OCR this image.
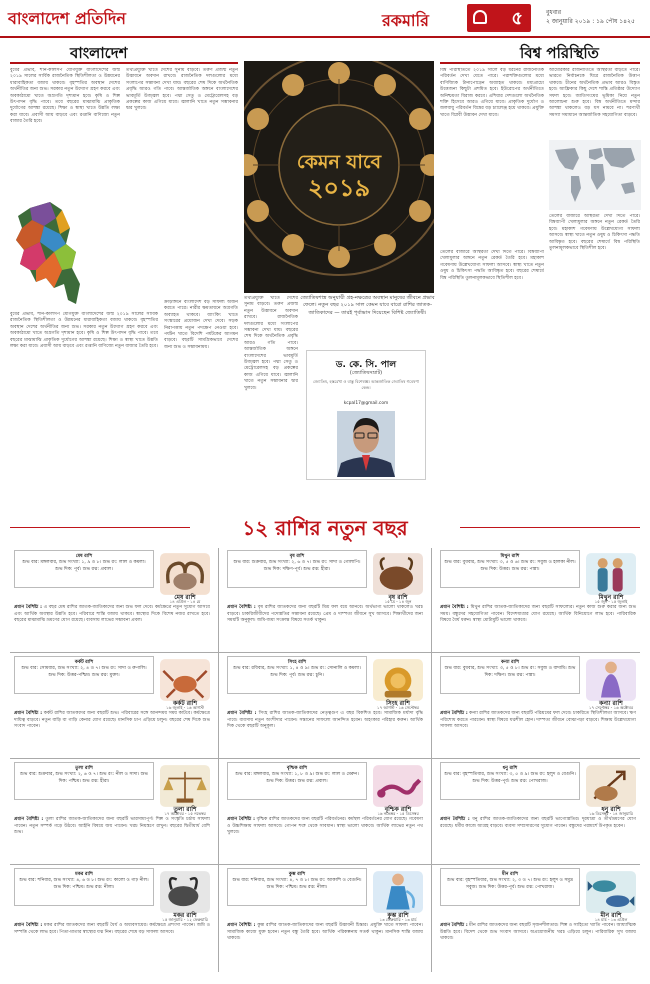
বাংলাদেশ প্রতিদিন	রকমারি	৫	বুধবার
২ জানুয়ারি ২০১৯ : ১৯ পৌষ ১৪২৫
বাংলাদেশ
বুধের প্রভাব, শনি-কালসর্প যোগযুক্ত বাংলাদেশের জন্ম ২০১৯ সালের সার্বিক রাজনৈতিক স্থিতিশীলতা ও উন্নয়নের ধারাবাহিকতা বজায় থাকবে। বৃহস্পতির অবস্থান দেশের অর্থনীতির জন্য শুভ। সরকার নতুন উদ্যোগ গ্রহণ করবে এবং অবকাঠামো খাতে অগ্রগতি দৃশ্যমান হবে। কৃষি ও শিল্প উৎপাদন বৃদ্ধি পাবে। তবে বছরের মাঝামাঝি প্রাকৃতিক দুর্যোগের আশঙ্কা রয়েছে। শিক্ষা ও স্বাস্থ্য খাতে উন্নতি লক্ষ্য করা যাবে। প্রবাসী আয় বাড়বে এবং রপ্তানি বাণিজ্যে নতুন বাজার তৈরি হবে।
তথ্যপ্রযুক্তি খাতে দেশের সুনাম বাড়বে। তরুণ প্রজন্ম নতুন উদ্ভাবনে অবদান রাখবে। রাজনৈতিক দলগুলোর মধ্যে সংলাপের সম্ভাবনা দেখা যায়। বছরের শেষ দিকে অর্থনৈতিক প্রবৃদ্ধি আরও গতি পাবে। আন্তর্জাতিক অঙ্গনে বাংলাদেশের ভাবমূর্তি উজ্জ্বল হবে। পদ্মা সেতু ও মেট্রোরেলসহ বড় প্রকল্পের কাজ এগিয়ে যাবে। জ্বালানি খাতে নতুন সম্ভাবনার দ্বার খুলবে।
ক্রীড়াঙ্গনে বাংলাদেশ বড় সাফল্য অর্জন করতে পারে। নারীর ক্ষমতায়নে অগ্রগতি অব্যাহত থাকবে। ব্যাংকিং খাতে সংস্কারের প্রয়োজন দেখা দেবে। সড়ক নিরাপত্তায় নতুন পদক্ষেপ নেওয়া হবে। পর্যটন খাতে বিদেশি পর্যটকের আগমন বাড়বে। বছরটি সামগ্রিকভাবে দেশের জন্য শুভ ও সম্ভাবনাময়।
বুধের প্রভাব, শনি-কালসর্প যোগযুক্ত বাংলাদেশের জন্ম ২০১৯ সালের সার্বিক রাজনৈতিক স্থিতিশীলতা ও উন্নয়নের ধারাবাহিকতা বজায় থাকবে। বৃহস্পতির অবস্থান দেশের অর্থনীতির জন্য শুভ। সরকার নতুন উদ্যোগ গ্রহণ করবে এবং অবকাঠামো খাতে অগ্রগতি দৃশ্যমান হবে। কৃষি ও শিল্প উৎপাদন বৃদ্ধি পাবে। তবে বছরের মাঝামাঝি প্রাকৃতিক দুর্যোগের আশঙ্কা রয়েছে। শিক্ষা ও স্বাস্থ্য খাতে উন্নতি লক্ষ্য করা যাবে। প্রবাসী আয় বাড়বে এবং রপ্তানি বাণিজ্যে নতুন বাজার তৈরি হবে।
কেমন যাবে
২০১৯
জ্যোতিষশাস্ত্র অনুযায়ী গ্রহ-নক্ষত্রের অবস্থান মানুষের জীবনে প্রভাব ফেলে। নতুন বছর ২০১৯ সাল কেমন যাবে বারো রাশির জাতক-জাতিকাদের — তারই পূর্বাভাস দিয়েছেন বিশিষ্ট জ্যোতিষী।
তথ্যপ্রযুক্তি খাতে দেশের সুনাম বাড়বে। তরুণ প্রজন্ম নতুন উদ্ভাবনে অবদান রাখবে। রাজনৈতিক দলগুলোর মধ্যে সংলাপের সম্ভাবনা দেখা যায়। বছরের শেষ দিকে অর্থনৈতিক প্রবৃদ্ধি আরও গতি পাবে। আন্তর্জাতিক অঙ্গনে বাংলাদেশের ভাবমূর্তি উজ্জ্বল হবে। পদ্মা সেতু ও মেট্রোরেলসহ বড় প্রকল্পের কাজ এগিয়ে যাবে। জ্বালানি খাতে নতুন সম্ভাবনার দ্বার খুলবে।
ড. কে. সি. পাল
(জ্যোতিষসম্রাট)
জ্যোতিষ, হস্তরেখা ও বাস্তু বিশেষজ্ঞ। আন্তর্জাতিক জ্যোতিষ গবেষণা কেন্দ্র।
kcpal17@gmail.com
বিশ্ব পরিস্থিতি
বিশ্ব পরিস্থিতিতে ২০১৯ সালে বড় ধরনের রাজনৈতিক পরিবর্তন দেখা যেতে পারে। পরাশক্তিগুলোর মধ্যে বাণিজ্যিক টানাপোড়েন অব্যাহত থাকবে। মধ্যপ্রাচ্যে উত্তেজনা কিছুটা প্রশমিত হবে। ইউরোপের অর্থনীতিতে অনিশ্চয়তা বিরাজ করবে। এশিয়ার দেশগুলো অর্থনৈতিক শক্তি হিসেবে আরও এগিয়ে যাবে। প্রাকৃতিক দুর্যোগ ও জলবায়ু পরিবর্তন বিশ্বের বড় চ্যালেঞ্জ হয়ে থাকবে। প্রযুক্তি খাতে বিপ্লবী উদ্ভাবন দেখা যাবে।
আমেরিকার রাজনীতিতে অস্থিরতা বাড়তে পারে। ভারতে নির্বাচনকে ঘিরে রাজনৈতিক উত্তাপ থাকবে। চীনের অর্থনৈতিক প্রভাব আরও বিস্তৃত হবে। আফ্রিকার কিছু দেশে শান্তি প্রতিষ্ঠার উদ্যোগ সফল হবে। জাতিসংঘের ভূমিকা নিয়ে নতুন আলোচনা শুরু হবে। বিশ্ব অর্থনীতিতে মন্দার আশঙ্কা থাকলেও বড় ধস নামবে না। শরণার্থী সমস্যা সমাধানে আন্তর্জাতিক সহযোগিতা বাড়বে।
তেলের বাজারে অস্থিরতা দেখা দিতে পারে। বিশ্বব্যাপী খেলাধুলার অঙ্গনে নতুন রেকর্ড তৈরি হবে। মহাকাশ গবেষণায় উল্লেখযোগ্য সাফল্য আসবে। স্বাস্থ্য খাতে নতুন ওষুধ ও চিকিৎসা পদ্ধতি আবিষ্কৃত হবে। বছরের শেষার্ধে বিশ্ব পরিস্থিতি তুলনামূলকভাবে স্থিতিশীল হবে।
তেলের বাজারে অস্থিরতা দেখা দিতে পারে। বিশ্বব্যাপী খেলাধুলার অঙ্গনে নতুন রেকর্ড তৈরি হবে। মহাকাশ গবেষণায় উল্লেখযোগ্য সাফল্য আসবে। স্বাস্থ্য খাতে নতুন ওষুধ ও চিকিৎসা পদ্ধতি আবিষ্কৃত হবে। বছরের শেষার্ধে বিশ্ব পরিস্থিতি তুলনামূলকভাবে স্থিতিশীল হবে।
১২ রাশির নতুন বছর
মেষ রাশি
শুভ বার: মঙ্গলবার, শুভ সংখ্যা: ১, ৯ ও ৮। শুভ রং: লাল ও কমলা। শুভ দিক: পূর্ব। শুভ রত্ন: প্রবাল।
মেষ রাশি
১৪ এপ্রিল - ১৪ মে
প্রধান বৈশিষ্ট্য : এ বছর মেষ রাশির জাতক-জাতিকাদের জন্য শুভ ফল দেবে। কর্মক্ষেত্রে নতুন সুযোগ আসবে এবং আর্থিক অবস্থার উন্নতি হবে। পরিবারে শান্তি বজায় থাকবে। স্বাস্থ্যের দিকে বিশেষ নজর রাখতে হবে। বছরের মাঝামাঝি ভ্রমণের যোগ রয়েছে। ব্যবসায় লাভের সম্ভাবনা প্রবল।
বৃষ রাশি
শুভ বার: শুক্রবার, শুভ সংখ্যা: ২, ৬ ও ৭। শুভ রং: সাদা ও গোলাপি। শুভ দিক: দক্ষিণ-পূর্ব। শুভ রত্ন: হীরা।
বৃষ রাশি
১৫ মে - ১৪ জুন
প্রধান বৈশিষ্ট্য : বৃষ রাশির জাতকদের জন্য বছরটি মিশ্র ফল বয়ে আনবে। অর্থভাগ্য ভালো থাকলেও খরচ বাড়বে। চাকরিজীবীদের পদোন্নতির সম্ভাবনা রয়েছে। প্রেম ও দাম্পত্য জীবনে সুখ আসবে। শিক্ষার্থীদের জন্য সময়টি অনুকূল। জমি-জমা সংক্রান্ত বিষয়ে সতর্ক থাকুন।
মিথুন রাশি
শুভ বার: বুধবার, শুভ সংখ্যা: ৩, ৫ ও ৬। শুভ রং: সবুজ ও হালকা নীল। শুভ দিক: উত্তর। শুভ রত্ন: পান্না।
মিথুন রাশি
১৫ জুন - ১৫ জুলাই
প্রধান বৈশিষ্ট্য : মিথুন রাশির জাতক-জাতিকাদের জন্য বছরটি সাফল্যের। নতুন কাজ শুরু করার জন্য শুভ সময়। বন্ধুদের সহযোগিতা পাবেন। বিদেশযাত্রার যোগ রয়েছে। আর্থিক বিনিয়োগে লাভ হবে। পারিবারিক বিষয়ে ধৈর্য ধরুন। স্বাস্থ্য মোটামুটি ভালো থাকবে।
কর্কট রাশি
শুভ বার: সোমবার, শুভ সংখ্যা: ২, ৪ ও ৭। শুভ রং: সাদা ও রুপালি। শুভ দিক: উত্তর-পশ্চিম। শুভ রত্ন: মুক্তা।
কর্কট রাশি
১৬ জুলাই - ১৬ আগস্ট
প্রধান বৈশিষ্ট্য : কর্কট রাশির জাতকদের জন্য বছরটি শুভ। পরিবারের সঙ্গে আনন্দময় সময় কাটবে। কর্মক্ষেত্রে দায়িত্ব বাড়বে। নতুন বাড়ি বা গাড়ি কেনার যোগ রয়েছে। মানসিক চাপ এড়িয়ে চলুন। বছরের শেষ দিকে শুভ সংবাদ পাবেন।
সিংহ রাশি
শুভ বার: রবিবার, শুভ সংখ্যা: ১, ৪ ও ৯। শুভ রং: সোনালি ও কমলা। শুভ দিক: পূর্ব। শুভ রত্ন: চুনি।
সিংহ রাশি
১৭ আগস্ট - ১৬ সেপ্টেম্বর
প্রধান বৈশিষ্ট্য : সিংহ রাশির জাতক-জাতিকাদের নেতৃত্বগুণ এ বছর বিকশিত হবে। সামাজিক মর্যাদা বৃদ্ধি পাবে। ব্যবসায় নতুন অংশীদার পাবেন। সন্তানের সাফল্যে আনন্দিত হবেন। অহংকার পরিহার করুন। আর্থিক দিক থেকে বছরটি অনুকূল।
কন্যা রাশি
শুভ বার: বুধবার, শুভ সংখ্যা: ৩, ৫ ও ৮। শুভ রং: সবুজ ও বাদামি। শুভ দিক: দক্ষিণ। শুভ রত্ন: পান্না।
কন্যা রাশি
১৭ সেপ্টেম্বর - ১৬ অক্টোবর
প্রধান বৈশিষ্ট্য : কন্যা রাশির জাতকদের জন্য বছরটি পরিশ্রমের ফল দেবে। চাকরিতে স্থিতিশীলতা আসবে। ঋণ পরিশোধ করতে পারবেন। স্বাস্থ্য বিষয়ে যত্নশীল হোন। দাম্পত্য জীবনে বোঝাপড়া বাড়বে। শিক্ষায় উল্লেখযোগ্য সাফল্য আসবে।
তুলা রাশি
শুভ বার: শুক্রবার, শুভ সংখ্যা: ২, ৬ ও ৭। শুভ রং: নীল ও সাদা। শুভ দিক: পশ্চিম। শুভ রত্ন: হীরা।
তুলা রাশি
১৭ অক্টোবর - ১৫ নভেম্বর
প্রধান বৈশিষ্ট্য : তুলা রাশির জাতক-জাতিকাদের জন্য বছরটি ভারসাম্যপূর্ণ। শিল্প ও সংস্কৃতি চর্চায় সাফল্য পাবেন। নতুন সম্পর্ক গড়ে উঠবে। আইনি বিষয়ে জয় পাবেন। খরচ নিয়ন্ত্রণে রাখুন। বছরের দ্বিতীয়ার্ধ বেশি শুভ।
বৃশ্চিক রাশি
শুভ বার: মঙ্গলবার, শুভ সংখ্যা: ১, ৮ ও ৯। শুভ রং: লাল ও মেরুন। শুভ দিক: উত্তর। শুভ রত্ন: প্রবাল।
বৃশ্চিক রাশি
১৬ নভেম্বর - ১৫ ডিসেম্বর
প্রধান বৈশিষ্ট্য : বৃশ্চিক রাশির জাতকদের জন্য বছরটি পরিবর্তনের। কর্মস্থল পরিবর্তনের যোগ রয়েছে। গবেষণা ও উচ্চশিক্ষায় সাফল্য আসবে। গোপন শত্রু থেকে সাবধান। স্বাস্থ্য ভালো থাকবে। আর্থিক লাভের নতুন পথ খুলবে।
ধনু রাশি
শুভ বার: বৃহস্পতিবার, শুভ সংখ্যা: ৩, ৫ ও ৯। শুভ রং: হলুদ ও বেগুনি। শুভ দিক: উত্তর-পূর্ব। শুভ রত্ন: পোখরাজ।
ধনু রাশি
১৬ ডিসেম্বর - ১৪ জানুয়ারি
প্রধান বৈশিষ্ট্য : ধনু রাশির জাতক-জাতিকাদের জন্য বছরটি ভাগ্যোন্নতির। দূরযাত্রা ও তীর্থভ্রমণের যোগ রয়েছে। ধর্মীয় কাজে আগ্রহ বাড়বে। ব্যবসা সম্প্রসারণের সুযোগ পাবেন। বন্ধুদের পরামর্শে উপকৃত হবেন।
মকর রাশি
শুভ বার: শনিবার, শুভ সংখ্যা: ৪, ৬ ও ৮। শুভ রং: কালো ও গাঢ় নীল। শুভ দিক: পশ্চিম। শুভ রত্ন: নীলা।
মকর রাশি
১৫ জানুয়ারি - ১২ ফেব্রুয়ারি
প্রধান বৈশিষ্ট্য : মকর রাশির জাতকদের জন্য বছরটি ধৈর্য ও অধ্যবসায়ের। কর্মক্ষেত্রে প্রশংসা পাবেন। জমি ও সম্পত্তি থেকে লাভ হবে। পিতা-মাতার স্বাস্থ্যের যত্ন নিন। বছরের শেষে বড় সাফল্য আসবে।
কুম্ভ রাশি
শুভ বার: শনিবার, শুভ সংখ্যা: ৪, ৭ ও ৮। শুভ রং: আকাশি ও বেগুনি। শুভ দিক: পশ্চিম। শুভ রত্ন: নীলা।
কুম্ভ রাশি
১৩ ফেব্রুয়ারি - ১৩ মার্চ
প্রধান বৈশিষ্ট্য : কুম্ভ রাশির জাতক-জাতিকাদের জন্য বছরটি উদ্ভাবনী চিন্তার। প্রযুক্তি খাতে সাফল্য পাবেন। সামাজিক কাজে যুক্ত হবেন। নতুন বন্ধু তৈরি হবে। আর্থিক পরিকল্পনায় সতর্ক থাকুন। মানসিক শান্তি বজায় থাকবে।
মীন রাশি
শুভ বার: বৃহস্পতিবার, শুভ সংখ্যা: ২, ৩ ও ৭। শুভ রং: হলুদ ও সমুদ্র সবুজ। শুভ দিক: উত্তর-পূর্ব। শুভ রত্ন: পোখরাজ।
মীন রাশি
১৪ মার্চ - ১৩ এপ্রিল
প্রধান বৈশিষ্ট্য : মীন রাশির জাতকদের জন্য বছরটি সৃজনশীলতার। শিল্প ও সাহিত্যে খ্যাতি পাবেন। আধ্যাত্মিক উন্নতি হবে। বিদেশ থেকে শুভ সংবাদ আসবে। অপ্রয়োজনীয় খরচ এড়িয়ে চলুন। পারিবারিক সুখ বজায় থাকবে।
